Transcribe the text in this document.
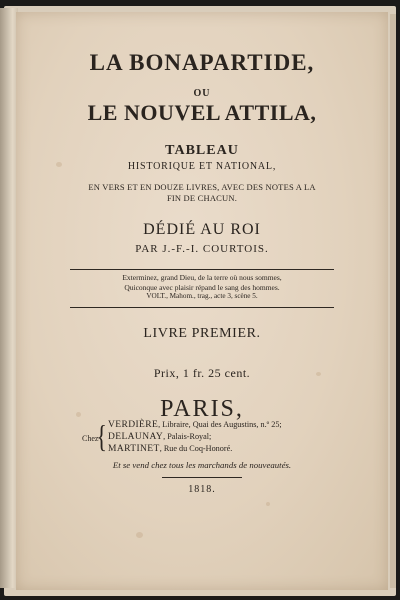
LA BONAPARTIDE,
OU
LE NOUVEL ATTILA,
TABLEAU
HISTORIQUE ET NATIONAL,
EN VERS ET EN DOUZE LIVRES, AVEC DES NOTES A LA
FIN DE CHACUN.
DÉDIÉ AU ROI
PAR J.-F.-I. COURTOIS.
Exterminez, grand Dieu, de la terre où nous sommes,
Quiconque avec plaisir répand le sang des hommes.
VOLT., Mahom., trag., acte 3, scène 5.
LIVRE PREMIER.
Prix, 1 fr. 25 cent.
PARIS,
Chez
{ VERDIÈRE, Libraire, Quai des Augustins, n.º 25;
DELAUNAY, Palais-Royal;
MARTINET, Rue du Coq-Honoré.
Et se vend chez tous les marchands de nouveautés.
1818.
